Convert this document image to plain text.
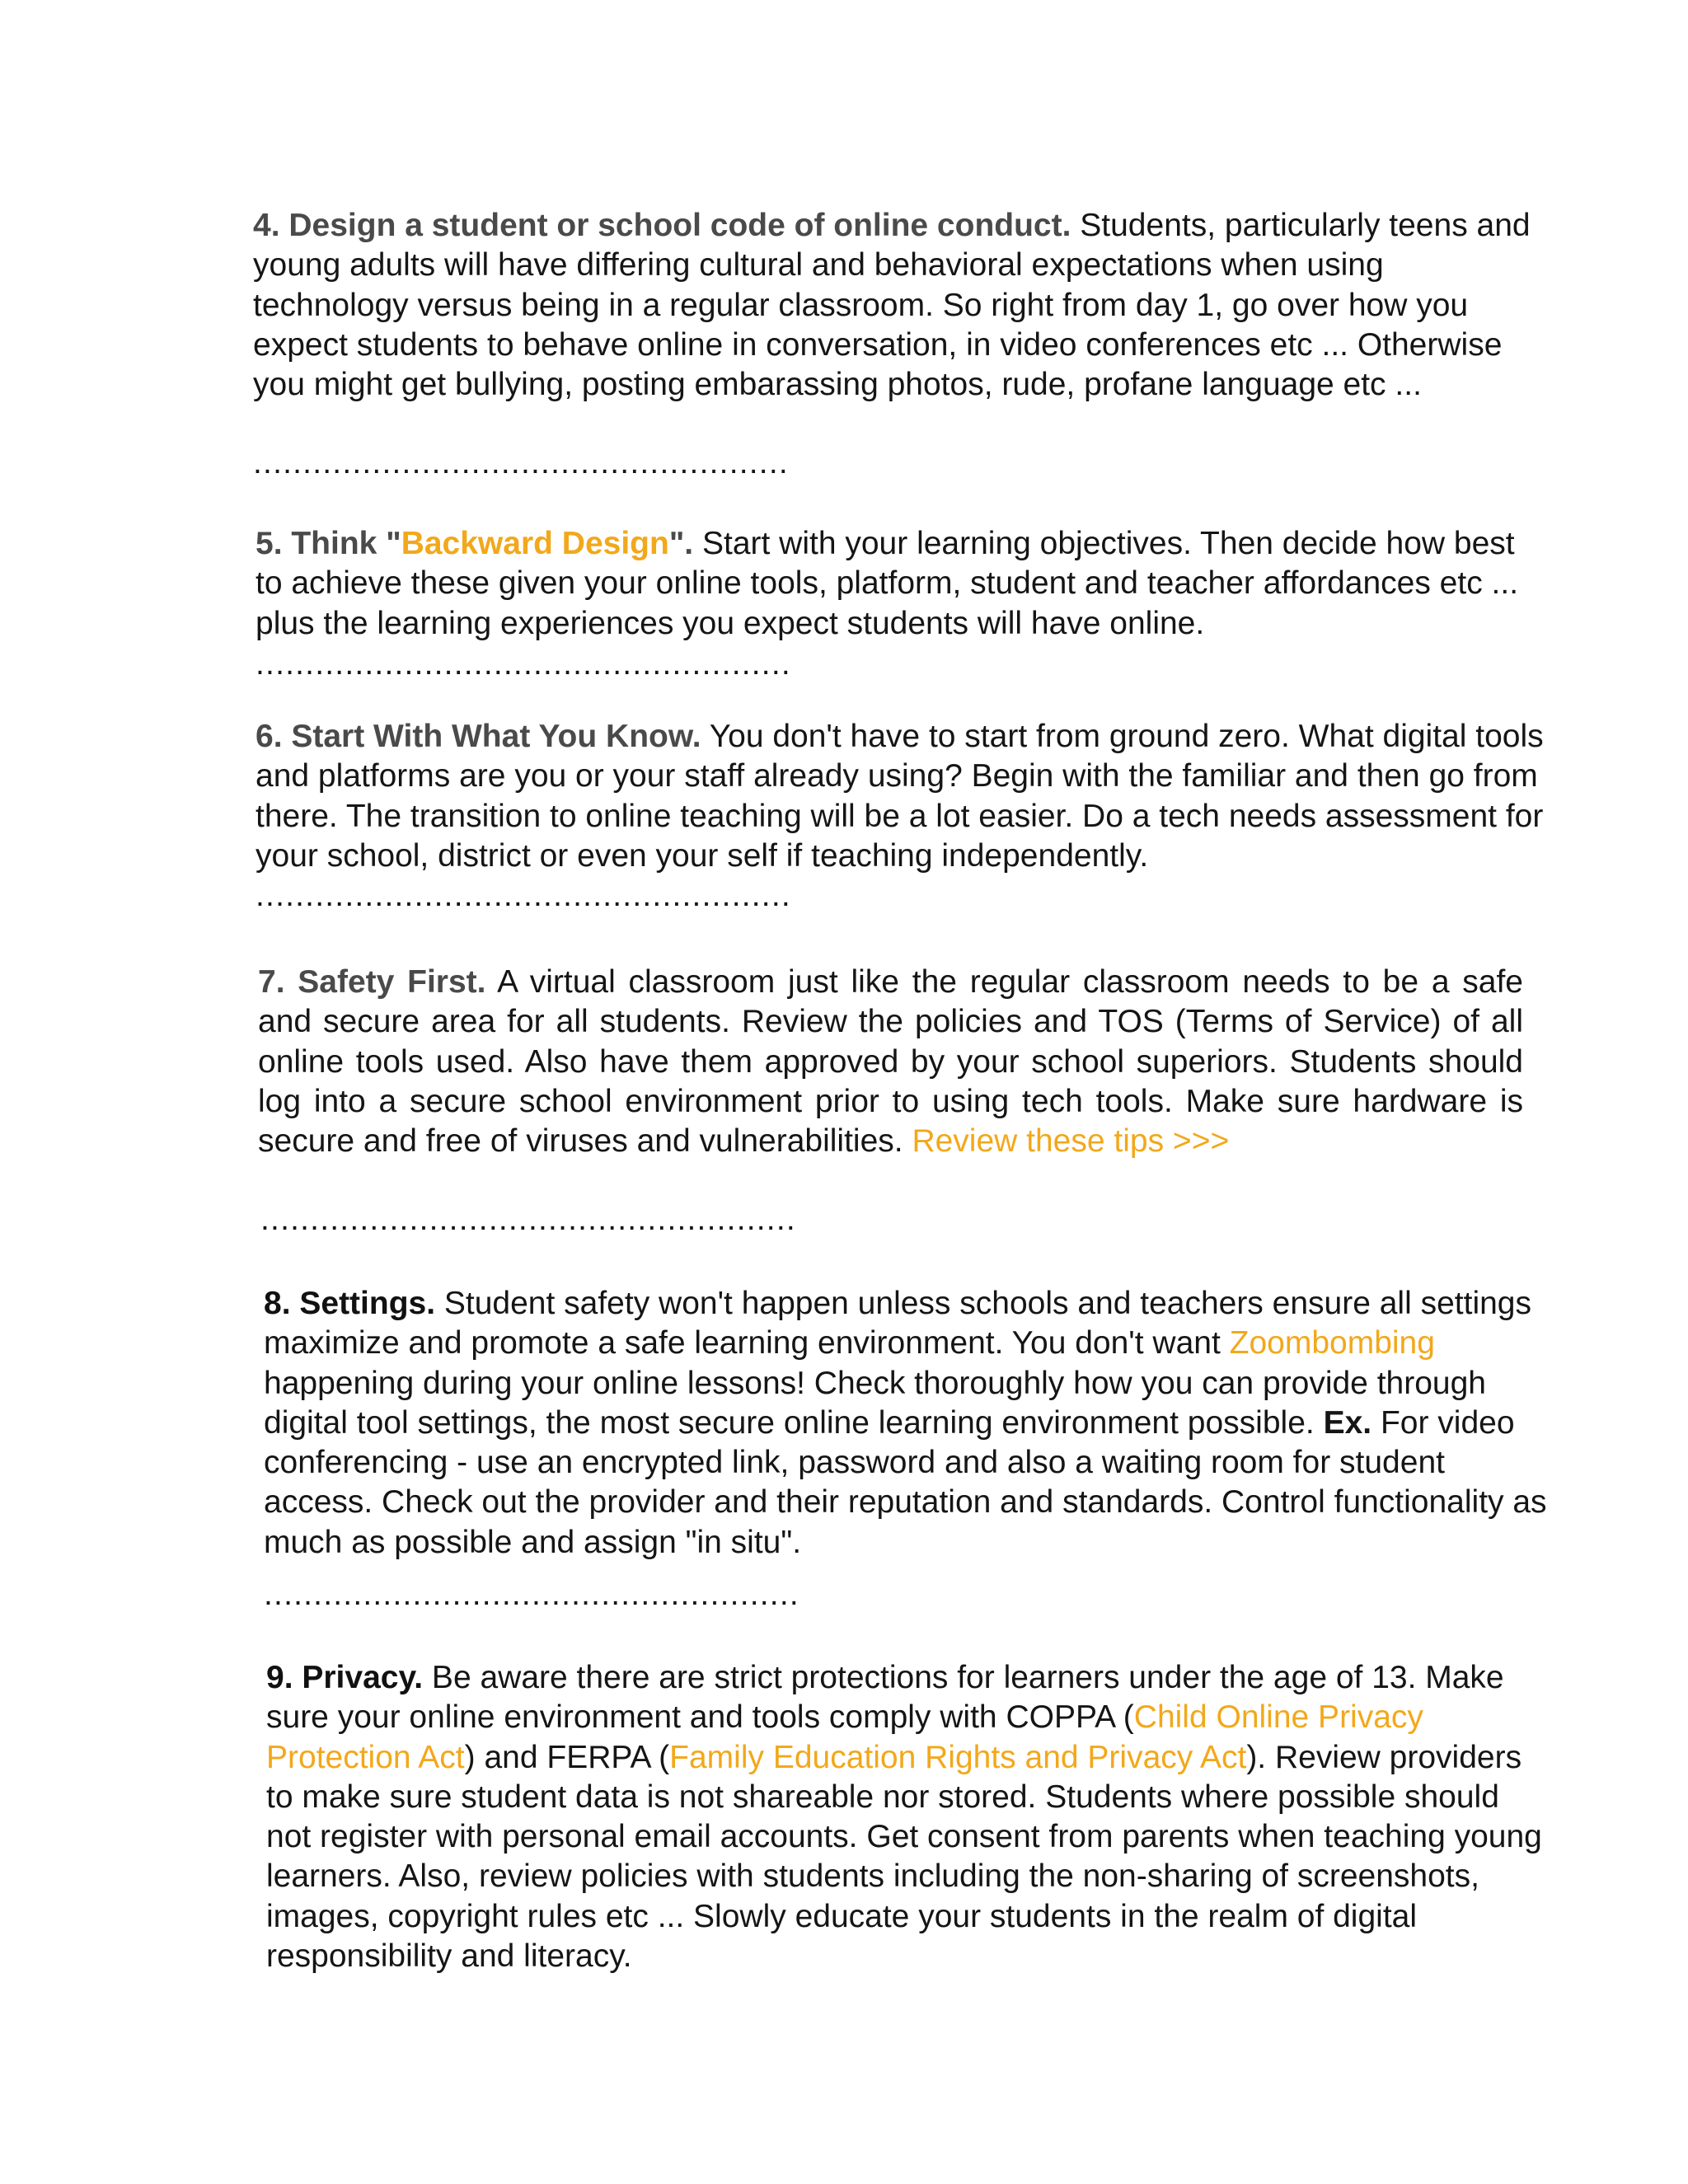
4. Design a student or school code of online conduct. Students, particularly teens and young adults will have differing cultural and behavioral expectations when using technology versus being in a regular classroom. So right from day 1, go over how you expect students to behave online in conversation, in video conferences etc ... Otherwise you might get bullying, posting embarassing photos, rude, profane language etc ...

......................................................

5. Think "Backward Design". Start with your learning objectives. Then decide how best to achieve these given your online tools, platform, student and teacher affordances etc ... plus the learning experiences you expect students will have online.

......................................................

6. Start With What You Know. You don't have to start from ground zero. What digital tools and platforms are you or your staff already using? Begin with the familiar and then go from there. The transition to online teaching will be a lot easier. Do a tech needs assessment for your school, district or even your self if teaching independently.

......................................................

7. Safety First. A virtual classroom just like the regular classroom needs to be a safe and secure area for all students. Review the policies and TOS (Terms of Service) of all online tools used. Also have them approved by your school superiors. Students should log into a secure school environment prior to using tech tools. Make sure hardware is secure and free of viruses and vulnerabilities. Review these tips >>>

......................................................

8. Settings. Student safety won't happen unless schools and teachers ensure all settings maximize and promote a safe learning environment. You don't want Zoombombing happening during your online lessons! Check thoroughly how you can provide through digital tool settings, the most secure online learning environment possible. Ex. For video conferencing - use an encrypted link, password and also a waiting room for student access. Check out the provider and their reputation and standards. Control functionality as much as possible and assign "in situ".

......................................................

9. Privacy. Be aware there are strict protections for learners under the age of 13. Make sure your online environment and tools comply with COPPA (Child Online Privacy Protection Act) and FERPA (Family Education Rights and Privacy Act). Review providers to make sure student data is not shareable nor stored. Students where possible should not register with personal email accounts. Get consent from parents when teaching young learners. Also, review policies with students including the non-sharing of screenshots, images, copyright rules etc ... Slowly educate your students in the realm of digital responsibility and literacy.
